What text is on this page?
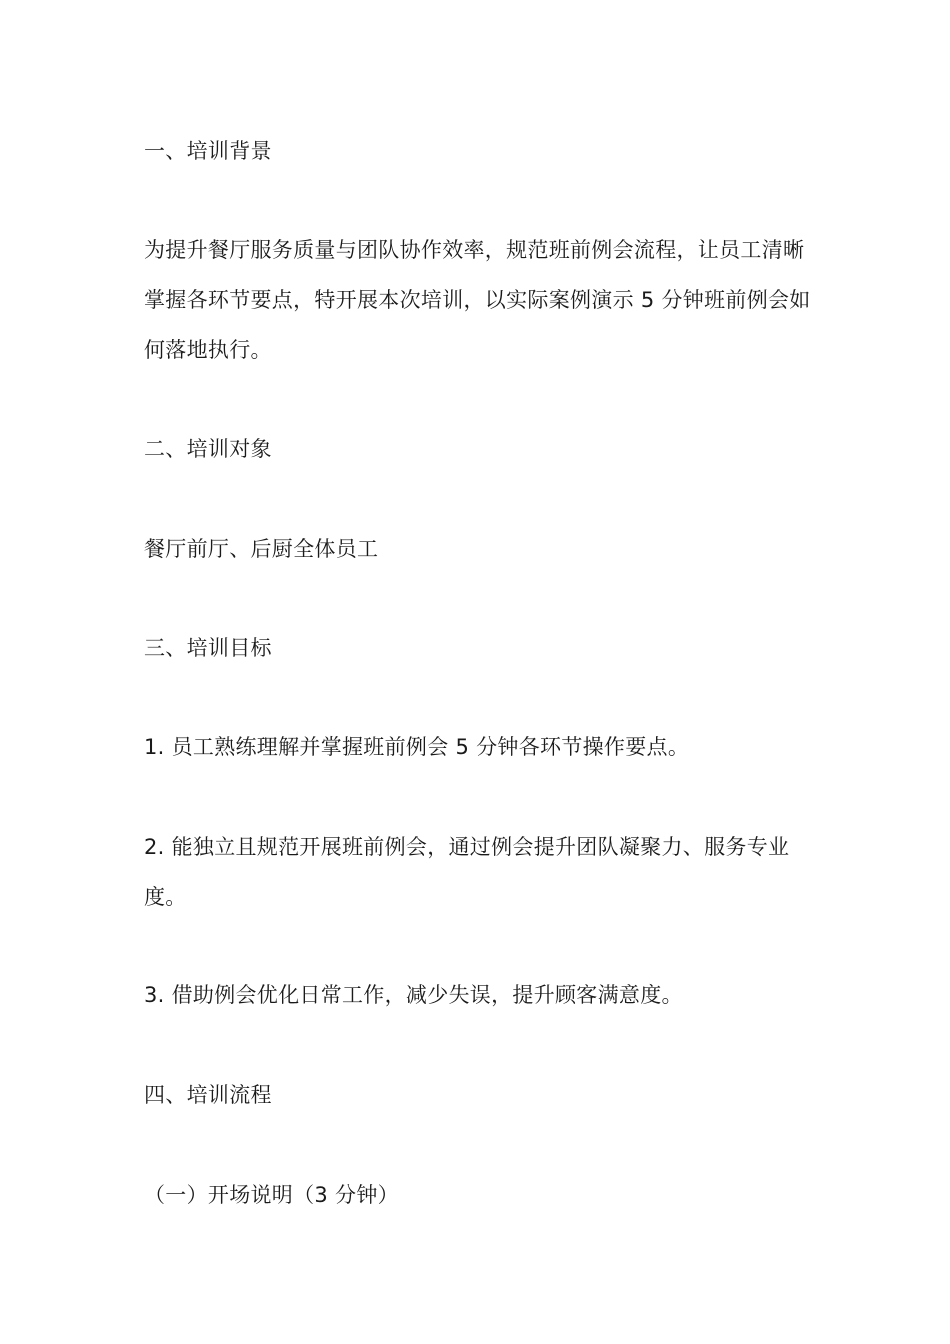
一、培训背景

为提升餐厅服务质量与团队协作效率，规范班前例会流程，让员工清晰

掌握各环节要点，特开展本次培训，以实际案例演示 5 分钟班前例会如

何落地执行。

二、培训对象

餐厅前厅、后厨全体员工

三、培训目标

1. 员工熟练理解并掌握班前例会 5 分钟各环节操作要点。

2. 能独立且规范开展班前例会，通过例会提升团队凝聚力、服务专业

度。

3. 借助例会优化日常工作，减少失误，提升顾客满意度。

四、培训流程

（一）开场说明（3 分钟）
